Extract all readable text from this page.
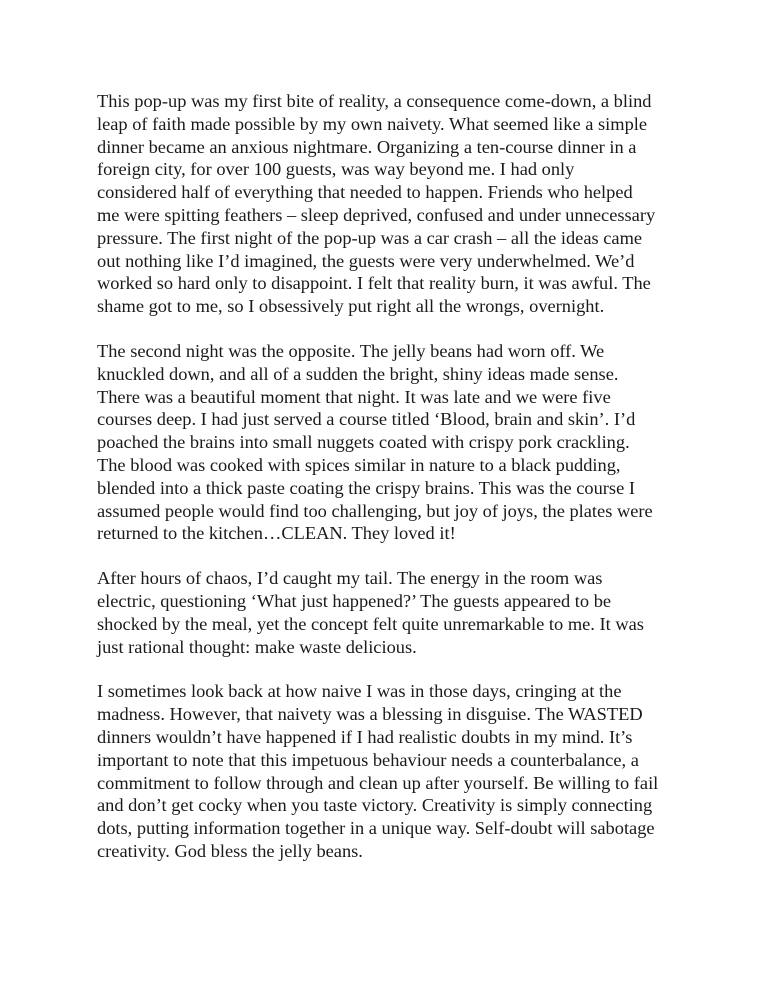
This pop-up was my first bite of reality, a consequence come-down, a blind
leap of faith made possible by my own naivety. What seemed like a simple
dinner became an anxious nightmare. Organizing a ten-course dinner in a
foreign city, for over 100 guests, was way beyond me. I had only
considered half of everything that needed to happen. Friends who helped
me were spitting feathers – sleep deprived, confused and under unnecessary
pressure. The first night of the pop-up was a car crash – all the ideas came
out nothing like I’d imagined, the guests were very underwhelmed. We’d
worked so hard only to disappoint. I felt that reality burn, it was awful. The
shame got to me, so I obsessively put right all the wrongs, overnight.

The second night was the opposite. The jelly beans had worn off. We
knuckled down, and all of a sudden the bright, shiny ideas made sense.
There was a beautiful moment that night. It was late and we were five
courses deep. I had just served a course titled ‘Blood, brain and skin’. I’d
poached the brains into small nuggets coated with crispy pork crackling.
The blood was cooked with spices similar in nature to a black pudding,
blended into a thick paste coating the crispy brains. This was the course I
assumed people would find too challenging, but joy of joys, the plates were
returned to the kitchen…CLEAN. They loved it!

After hours of chaos, I’d caught my tail. The energy in the room was
electric, questioning ‘What just happened?’ The guests appeared to be
shocked by the meal, yet the concept felt quite unremarkable to me. It was
just rational thought: make waste delicious.

I sometimes look back at how naive I was in those days, cringing at the
madness. However, that naivety was a blessing in disguise. The WASTED
dinners wouldn’t have happened if I had realistic doubts in my mind. It’s
important to note that this impetuous behaviour needs a counterbalance, a
commitment to follow through and clean up after yourself. Be willing to fail
and don’t get cocky when you taste victory. Creativity is simply connecting
dots, putting information together in a unique way. Self-doubt will sabotage
creativity. God bless the jelly beans.
